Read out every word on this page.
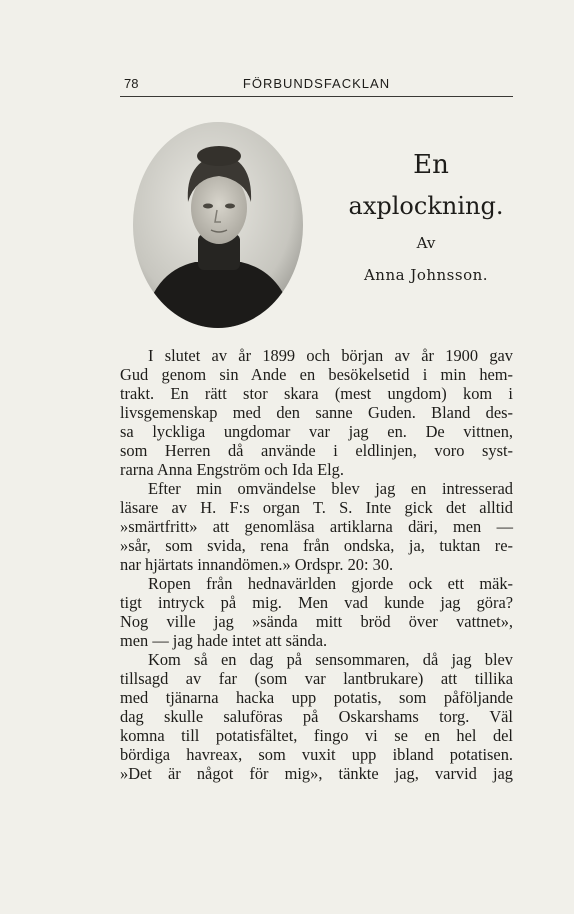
78	FÖRBUNDSFACKLAN
En
axplockning.
Av
Anna Johnsson.
I slutet av år 1899 och början av år 1900 gav
Gud genom sin Ande en besökelsetid i min hem-
trakt. En rätt stor skara (mest ungdom) kom i
livsgemenskap med den sanne Guden. Bland des-
sa lyckliga ungdomar var jag en. De vittnen,
som Herren då använde i eldlinjen, voro syst-
rarna Anna Engström och Ida Elg.
Efter min omvändelse blev jag en intresserad
läsare av H. F:s organ T. S. Inte gick det alltid
»smärtfritt» att genomläsa artiklarna däri, men —
»sår, som svida, rena från ondska, ja, tuktan re-
nar hjärtats innandömen.» Ordspr. 20: 30.
Ropen från hednavärlden gjorde ock ett mäk-
tigt intryck på mig. Men vad kunde jag göra?
Nog ville jag »sända mitt bröd över vattnet»,
men — jag hade intet att sända.
Kom så en dag på sensommaren, då jag blev
tillsagd av far (som var lantbrukare) att tillika
med tjänarna hacka upp potatis, som påföljande
dag skulle saluföras på Oskarshams torg. Väl
komna till potatisfältet, fingo vi se en hel del
bördiga havreax, som vuxit upp ibland potatisen.
»Det är något för mig», tänkte jag, varvid jag
